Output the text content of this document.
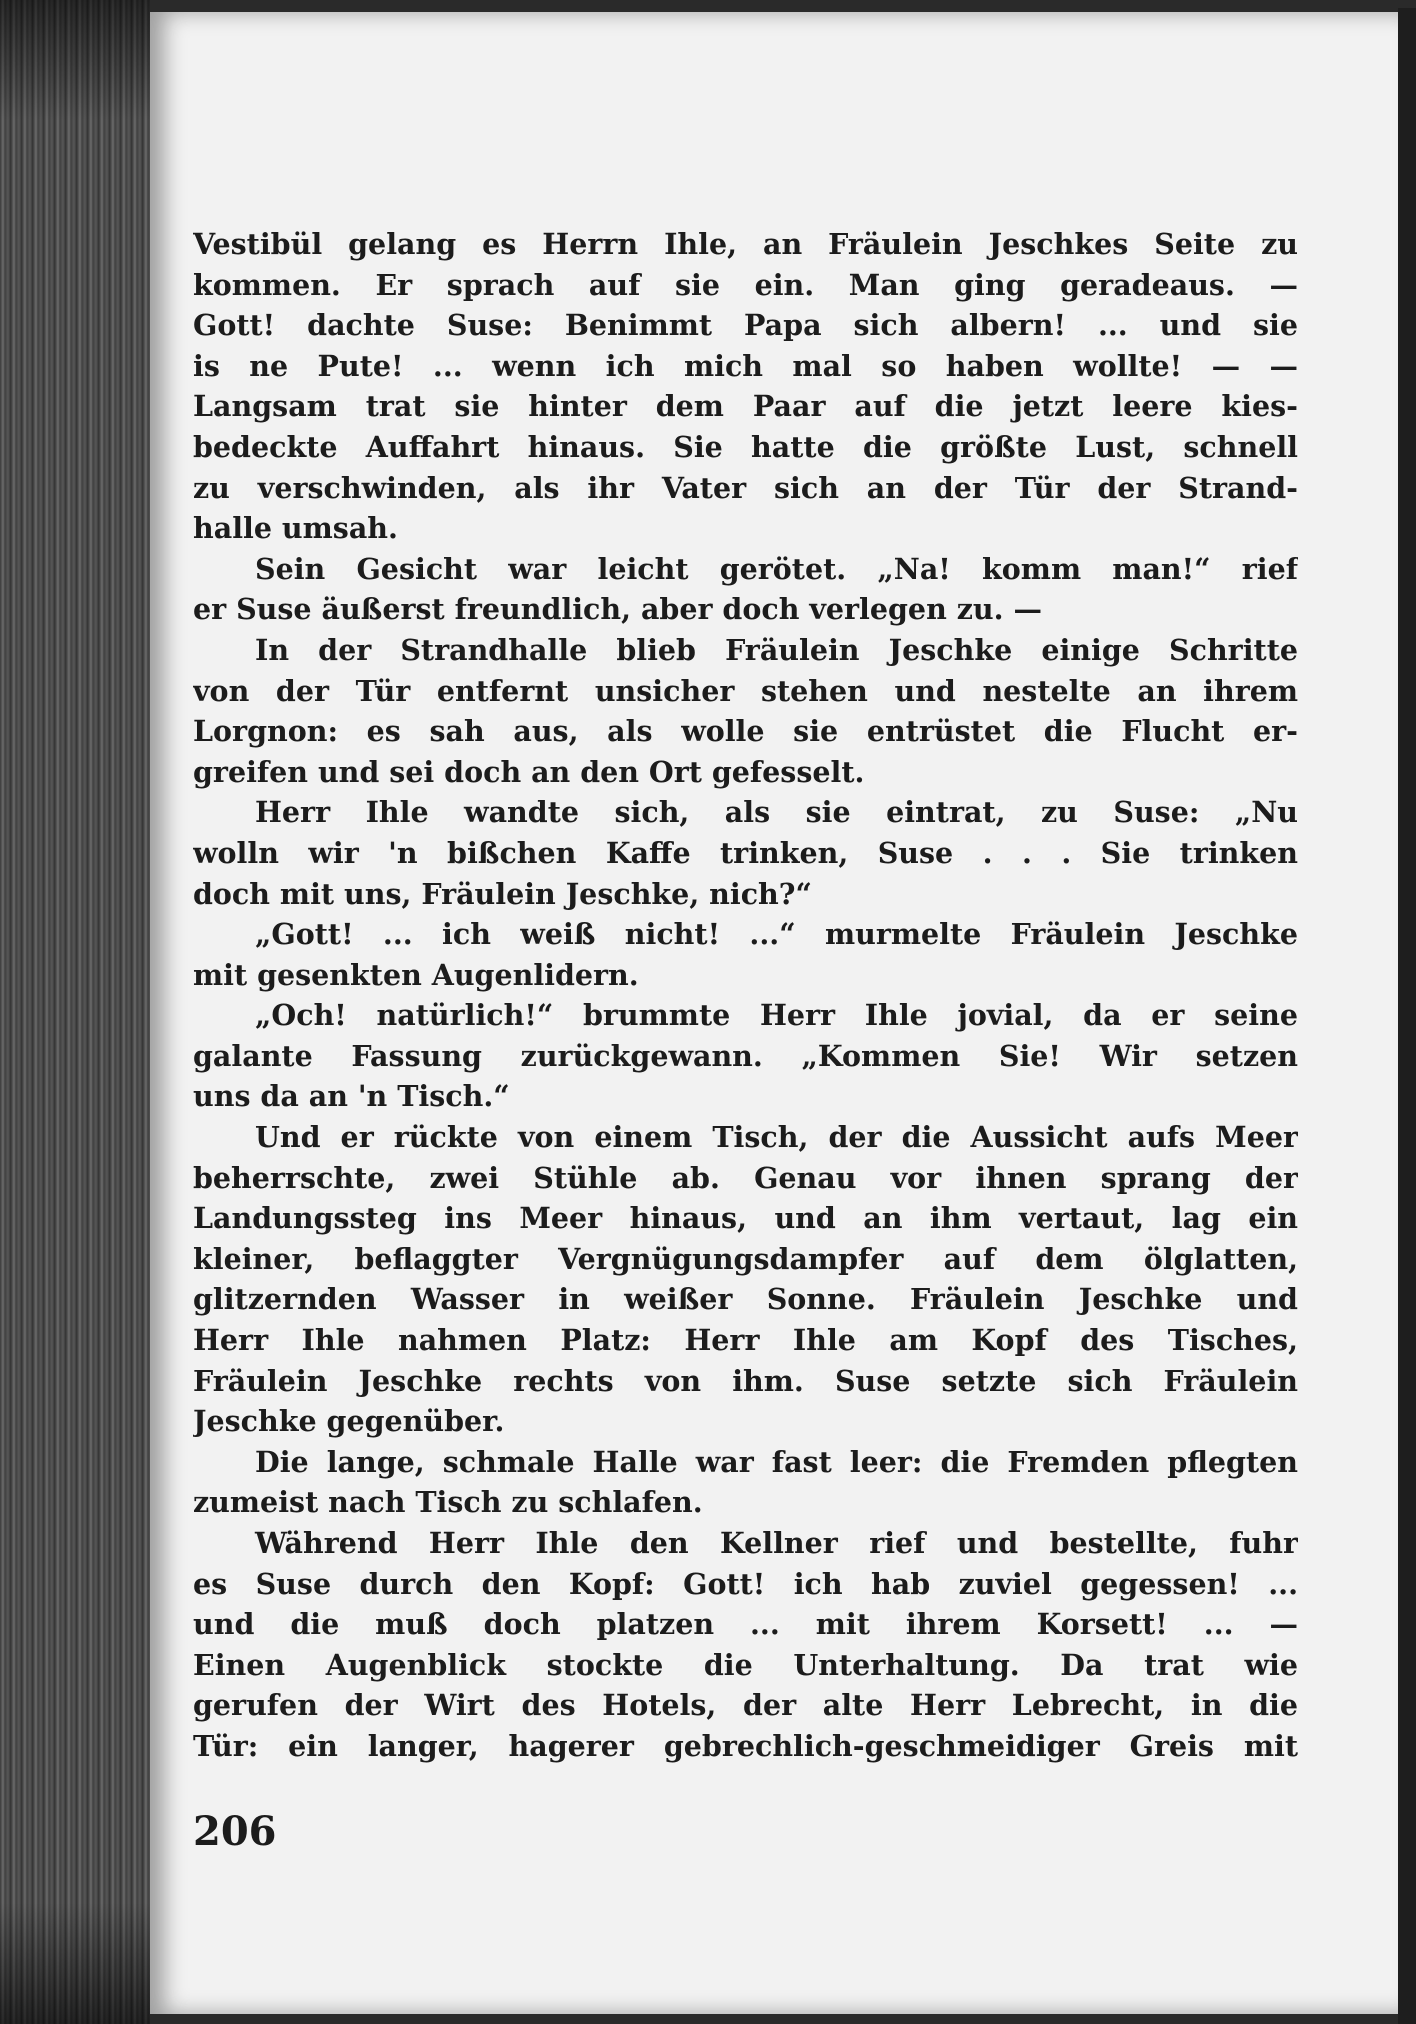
Vestibül gelang es Herrn Ihle, an Fräulein Jeschkes Seite zu
kommen. Er sprach auf sie ein. Man ging geradeaus. —
Gott! dachte Suse: Benimmt Papa sich albern! ... und sie
is ne Pute! ... wenn ich mich mal so haben wollte! — —
Langsam trat sie hinter dem Paar auf die jetzt leere kies-
bedeckte Auffahrt hinaus. Sie hatte die größte Lust, schnell
zu verschwinden, als ihr Vater sich an der Tür der Strand-
halle umsah.
Sein Gesicht war leicht gerötet. „Na! komm man!“ rief
er Suse äußerst freundlich, aber doch verlegen zu. —
In der Strandhalle blieb Fräulein Jeschke einige Schritte
von der Tür entfernt unsicher stehen und nestelte an ihrem
Lorgnon: es sah aus, als wolle sie entrüstet die Flucht er-
greifen und sei doch an den Ort gefesselt.
Herr Ihle wandte sich, als sie eintrat, zu Suse: „Nu
wolln wir 'n bißchen Kaffe trinken, Suse . . . Sie trinken
doch mit uns, Fräulein Jeschke, nich?“
„Gott! ... ich weiß nicht! ...“ murmelte Fräulein Jeschke
mit gesenkten Augenlidern.
„Och! natürlich!“ brummte Herr Ihle jovial, da er seine
galante Fassung zurückgewann. „Kommen Sie! Wir setzen
uns da an 'n Tisch.“
Und er rückte von einem Tisch, der die Aussicht aufs Meer
beherrschte, zwei Stühle ab. Genau vor ihnen sprang der
Landungssteg ins Meer hinaus, und an ihm vertaut, lag ein
kleiner, beflaggter Vergnügungsdampfer auf dem ölglatten,
glitzernden Wasser in weißer Sonne. Fräulein Jeschke und
Herr Ihle nahmen Platz: Herr Ihle am Kopf des Tisches,
Fräulein Jeschke rechts von ihm. Suse setzte sich Fräulein
Jeschke gegenüber.
Die lange, schmale Halle war fast leer: die Fremden pflegten
zumeist nach Tisch zu schlafen.
Während Herr Ihle den Kellner rief und bestellte, fuhr
es Suse durch den Kopf: Gott! ich hab zuviel gegessen! ...
und die muß doch platzen ... mit ihrem Korsett! ... —
Einen Augenblick stockte die Unterhaltung. Da trat wie
gerufen der Wirt des Hotels, der alte Herr Lebrecht, in die
Tür: ein langer, hagerer gebrechlich-geschmeidiger Greis mit
206
